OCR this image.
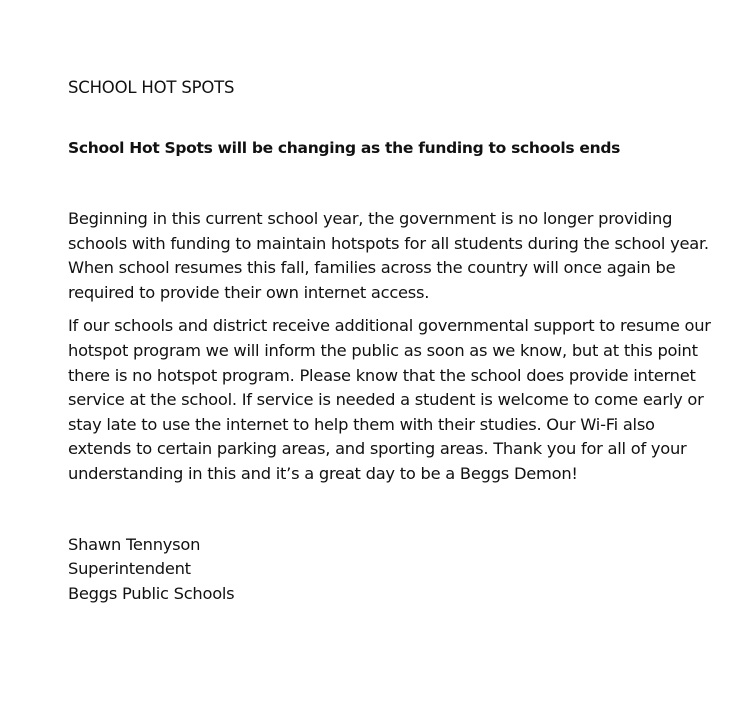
SCHOOL HOT SPOTS
School Hot Spots will be changing as the funding to schools ends

Beginning in this current school year, the government is no longer providing
schools with funding to maintain hotspots for all students during the school year.
When school resumes this fall, families across the country will once again be
required to provide their own internet access.

If our schools and district receive additional governmental support to resume our
hotspot program we will inform the public as soon as we know, but at this point
there is no hotspot program. Please know that the school does provide internet
service at the school. If service is needed a student is welcome to come early or
stay late to use the internet to help them with their studies. Our Wi-Fi also
extends to certain parking areas, and sporting areas. Thank you for all of your
understanding in this and it’s a great day to be a Beggs Demon!

Shawn Tennyson
Superintendent
Beggs Public Schools
